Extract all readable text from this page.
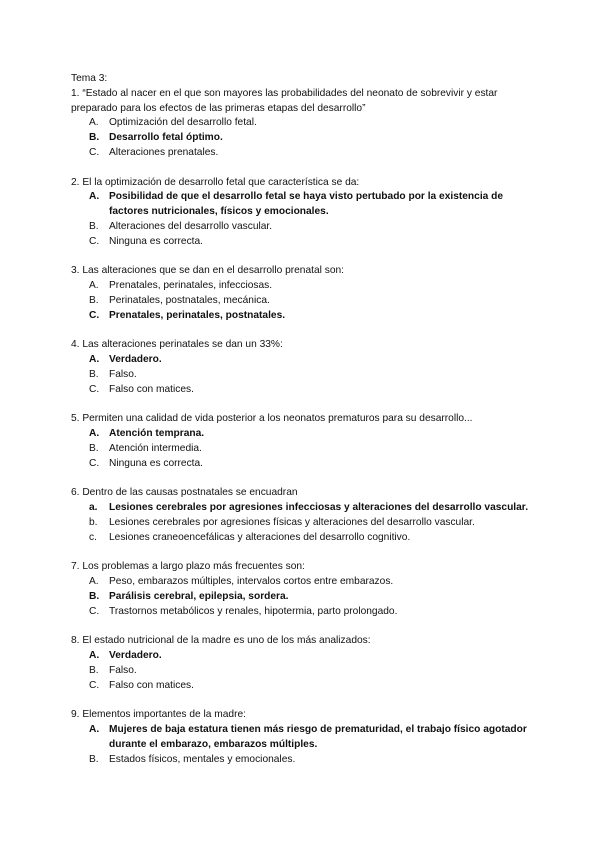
Tema 3:

1. “Estado al nacer en el que son mayores las probabilidades del neonato de sobrevivir y estar preparado para los efectos de las primeras etapas del desarrollo”

A.	Optimización del desarrollo fetal.
B. Desarrollo fetal óptimo.
C. Alteraciones prenatales.

2. El la optimización de desarrollo fetal que característica se da:

A. Posibilidad de que el desarrollo fetal se haya visto pertubado por la existencia de factores nutricionales, físicos y emocionales.
B.	Alteraciones del desarrollo vascular.
C. Ninguna es correcta.

3. Las alteraciones que se dan en el desarrollo prenatal son:

A.	Prenatales, perinatales, infecciosas.
B.	Perinatales, postnatales, mecánica.
C. Prenatales, perinatales, postnatales.

4. Las alteraciones perinatales se dan un 33%:

A. Verdadero.
B.	Falso.
C. Falso con matices.

5. Permiten una calidad de vida posterior a los neonatos prematuros para su desarrollo...

A. Atención temprana.
B.	Atención intermedia.
C. Ninguna es correcta.

6. Dentro de las causas postnatales se encuadran

a.	Lesiones cerebrales por agresiones infecciosas y alteraciones del desarrollo vascular.
b.	Lesiones cerebrales por agresiones físicas y alteraciones del desarrollo vascular.
c.	Lesiones craneoencefálicas y alteraciones del desarrollo cognitivo.

7. Los problemas a largo plazo más frecuentes son:

A.	Peso, embarazos múltiples, intervalos cortos entre embarazos.
B. Parálisis cerebral, epilepsia, sordera.
C. Trastornos metabólicos y renales, hipotermia, parto prolongado.

8. El estado nutricional de la madre es uno de los más analizados:

A. Verdadero.
B.	Falso.
C. Falso con matices.

9. Elementos importantes de la madre:

A. Mujeres de baja estatura tienen más riesgo de prematuridad, el trabajo físico agotador durante el embarazo, embarazos múltiples.
B.	Estados físicos, mentales y emocionales.
